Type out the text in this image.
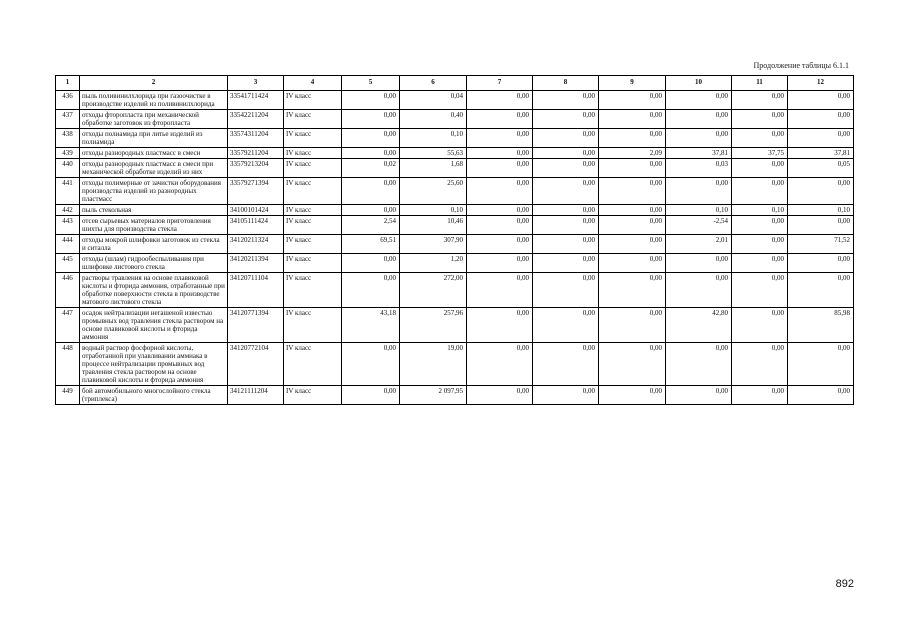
Продолжение таблицы 6.1.1
1	2	3	4	5	6	7	8	9	10	11	12
436	пыль поливинилхлорида при газоочистке в производстве изделий из поливинилхлорида	33541711424	IV класс	0,00	0,04	0,00	0,00	0,00	0,00	0,00	0,00
437	отходы фторопласта при механической обработке заготовок из фторопласта	33542211204	IV класс	0,00	0,40	0,00	0,00	0,00	0,00	0,00	0,00
438	отходы полиамида при литье изделий из полиамида	33574311204	IV класс	0,00	0,10	0,00	0,00	0,00	0,00	0,00	0,00
439	отходы разнородных пластмасс в смеси	33579211204	IV класс	0,00	55,63	0,00	0,00	2,09	37,81	37,75	37,81
440	отходы разнородных пластмасс в смеси при механической обработке изделий из них	33579213204	IV класс	0,02	1,68	0,00	0,00	0,00	0,03	0,00	0,05
441	отходы полимерные от зачистки оборудования производства изделий из разнородных пластмасс	33579271394	IV класс	0,00	25,60	0,00	0,00	0,00	0,00	0,00	0,00
442	пыль стекольная	34100101424	IV класс	0,00	0,10	0,00	0,00	0,00	0,10	0,10	0,10
443	отсев сырьевых материалов приготовления шихты для производства стекла	34105111424	IV класс	2,54	10,46	0,00	0,00	0,00	-2,54	0,00	0,00
444	отходы мокрой шлифовки заготовок из стекла и ситалла	34120211324	IV класс	69,51	307,90	0,00	0,00	0,00	2,01	0,00	71,52
445	отходы (шлам) гидрообеспыливания при шлифовке листового стекла	34120211394	IV класс	0,00	1,20	0,00	0,00	0,00	0,00	0,00	0,00
446	растворы травления на основе плавиковой кислоты и фторида аммония, отработанные при обработке поверхности стекла в производстве матового листового стекла	34120711104	IV класс	0,00	272,00	0,00	0,00	0,00	0,00	0,00	0,00
447	осадок нейтрализации негашеной известью промывных вод травления стекла раствором на основе плавиковой кислоты и фторида аммония	34120771394	IV класс	43,18	257,96	0,00	0,00	0,00	42,80	0,00	85,98
448	водный раствор фосфорной кислоты, отработанной при улавливании аммиака в процессе нейтрализации промывных вод травления стекла раствором на основе плавиковой кислоты и фторида аммония	34120772104	IV класс	0,00	19,00	0,00	0,00	0,00	0,00	0,00	0,00
449	бой автомобильного многослойного стекла (триплекса)	34121111204	IV класс	0,00	2 097,95	0,00	0,00	0,00	0,00	0,00	0,00
892
